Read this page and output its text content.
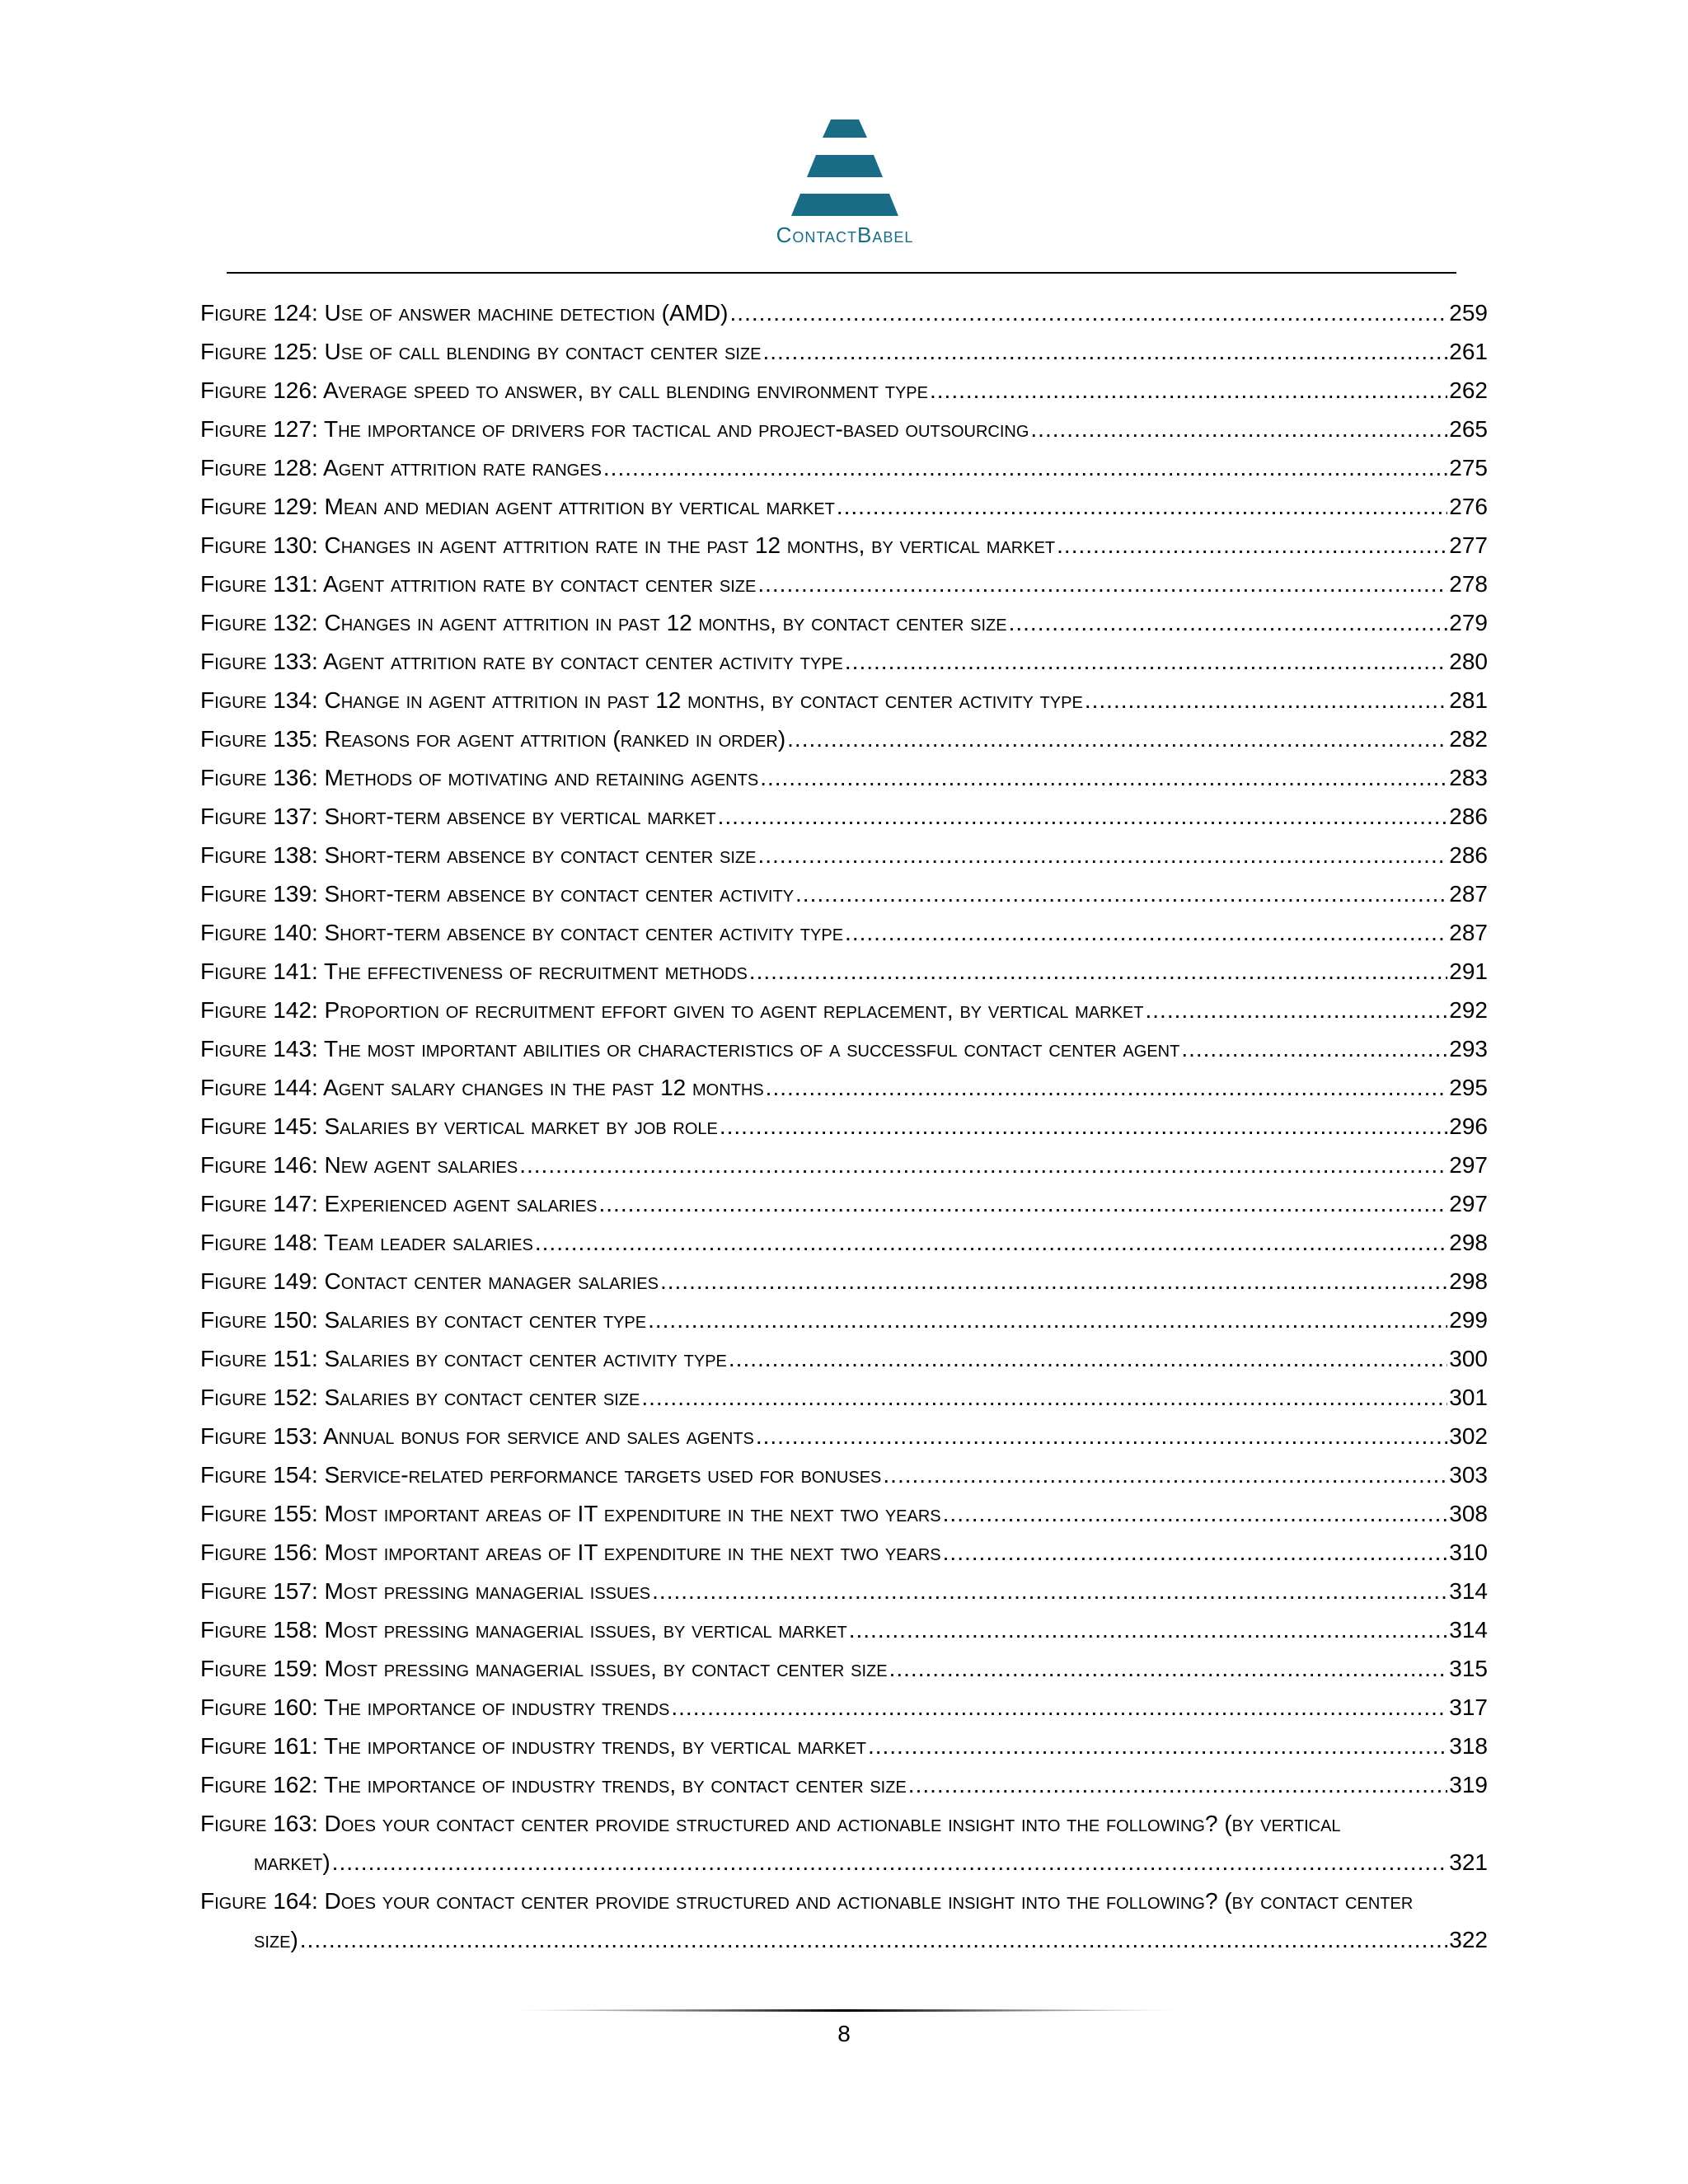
ContactBabel
Figure 124: Use of answer machine detection (AMD) .....	259
Figure 125: Use of call blending by contact center size .....	261
Figure 126: Average speed to answer, by call blending environment type .....	262
Figure 127: The importance of drivers for tactical and project-based outsourcing .....	265
Figure 128: Agent attrition rate ranges .....	275
Figure 129: Mean and median agent attrition by vertical market .....	276
Figure 130: Changes in agent attrition rate in the past 12 months, by vertical market .....	277
Figure 131: Agent attrition rate by contact center size .....	278
Figure 132: Changes in agent attrition in past 12 months, by contact center size .....	279
Figure 133: Agent attrition rate by contact center activity type .....	280
Figure 134: Change in agent attrition in past 12 months, by contact center activity type .....	281
Figure 135: Reasons for agent attrition (ranked in order) .....	282
Figure 136: Methods of motivating and retaining agents .....	283
Figure 137: Short-term absence by vertical market .....	286
Figure 138: Short-term absence by contact center size .....	286
Figure 139: Short-term absence by contact center activity .....	287
Figure 140: Short-term absence by contact center activity type .....	287
Figure 141: The effectiveness of recruitment methods .....	291
Figure 142: Proportion of recruitment effort given to agent replacement, by vertical market .....	292
Figure 143: The most important abilities or characteristics of a successful contact center agent .....	293
Figure 144: Agent salary changes in the past 12 months .....	295
Figure 145: Salaries by vertical market by job role .....	296
Figure 146: New agent salaries .....	297
Figure 147: Experienced agent salaries .....	297
Figure 148: Team leader salaries .....	298
Figure 149: Contact center manager salaries .....	298
Figure 150: Salaries by contact center type .....	299
Figure 151: Salaries by contact center activity type .....	300
Figure 152: Salaries by contact center size .....	301
Figure 153: Annual bonus for service and sales agents .....	302
Figure 154: Service-related performance targets used for bonuses .....	303
Figure 155: Most important areas of IT expenditure in the next two years .....	308
Figure 156: Most important areas of IT expenditure in the next two years .....	310
Figure 157: Most pressing managerial issues .....	314
Figure 158: Most pressing managerial issues, by vertical market .....	314
Figure 159: Most pressing managerial issues, by contact center size .....	315
Figure 160: The importance of industry trends .....	317
Figure 161: The importance of industry trends, by vertical market .....	318
Figure 162: The importance of industry trends, by contact center size .....	319
Figure 163: Does your contact center provide structured and actionable insight into the following? (by vertical
market) .....	321
Figure 164: Does your contact center provide structured and actionable insight into the following? (by contact center
size) .....	322
8
